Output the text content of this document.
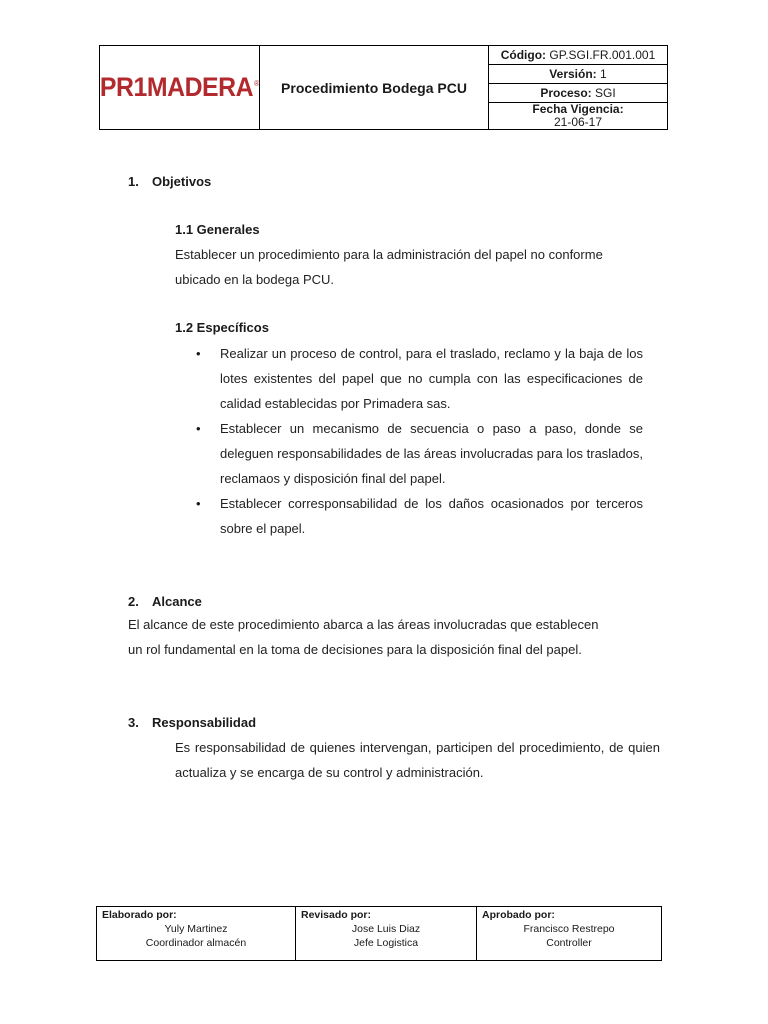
PR1MADERA®	Procedimiento Bodega PCU
Código: GP.SGI.FR.001.001
Versión: 1
Proceso: SGI
Fecha Vigencia:
21-06-17
1. Objetivos
1.1 Generales
Establecer un procedimiento para la administración del papel no conforme
ubicado en la bodega PCU.
1.2 Específicos
• Realizar un proceso de control, para el traslado, reclamo y la baja de los lotes existentes del papel que no cumpla con las especificaciones de calidad establecidas por Primadera sas.
• Establecer un mecanismo de secuencia o paso a paso, donde se deleguen responsabilidades de las áreas involucradas para los traslados, reclamaos y disposición final del papel.
• Establecer corresponsabilidad de los daños ocasionados por terceros sobre el papel.
2. Alcance
El alcance de este procedimiento abarca a las áreas involucradas que establecen
un rol fundamental en la toma de decisiones para la disposición final del papel.
3. Responsabilidad
Es responsabilidad de quienes intervengan, participen del procedimiento, de quien actualiza y se encarga de su control y administración.
Elaborado por:
Yuly Martinez
Coordinador almacén
Revisado por:
Jose Luis Diaz
Jefe Logistica
Aprobado por:
Francisco Restrepo
Controller
